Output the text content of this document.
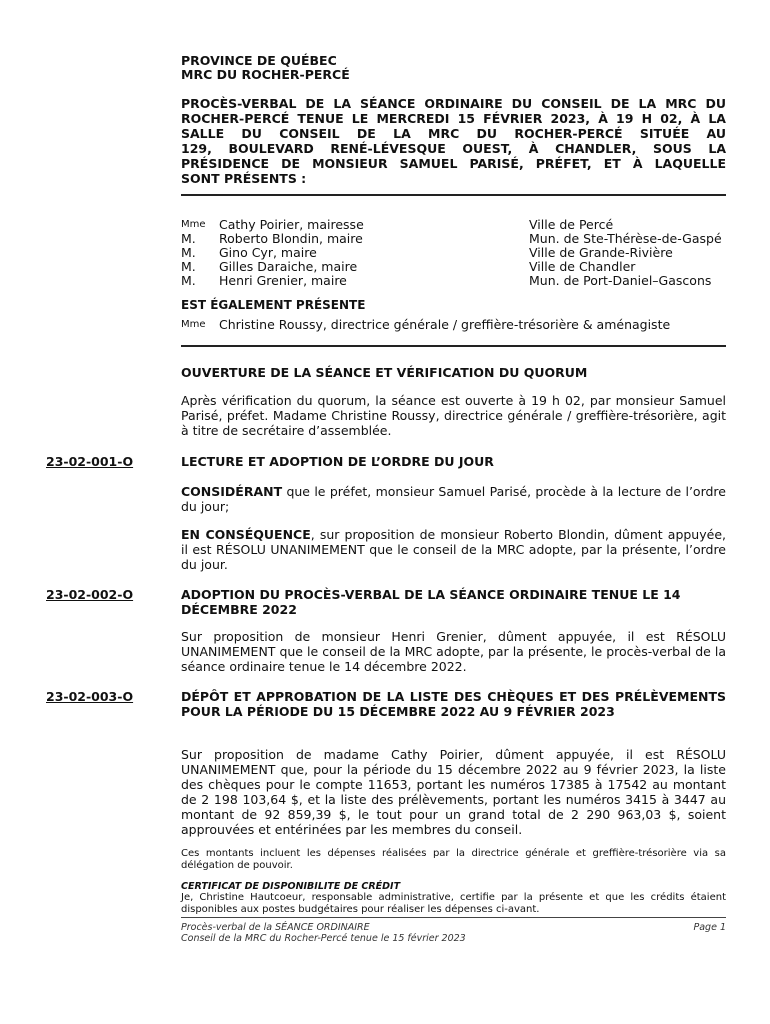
PROVINCE DE QUÉBEC
MRC DU ROCHER-PERCÉ
PROCÈS-VERBAL DE LA SÉANCE ORDINAIRE DU CONSEIL DE LA MRC DU
ROCHER-PERCÉ TENUE LE MERCREDI 15 FÉVRIER 2023, À 19 H 02, À LA
SALLE DU CONSEIL DE LA MRC DU ROCHER-PERCÉ SITUÉE AU
129, BOULEVARD RENÉ-LÉVESQUE OUEST, À CHANDLER, SOUS LA
PRÉSIDENCE DE MONSIEUR SAMUEL PARISÉ, PRÉFET, ET À LAQUELLE
SONT PRÉSENTS :
Mme	Cathy Poirier, mairesse	Ville de Percé
M.	Roberto Blondin, maire	Mun. de Ste-Thérèse-de-Gaspé
M.	Gino Cyr, maire	Ville de Grande-Rivière
M.	Gilles Daraiche, maire	Ville de Chandler
M.	Henri Grenier, maire	Mun. de Port-Daniel–Gascons
EST ÉGALEMENT PRÉSENTE
Mme	Christine Roussy, directrice générale / greffière-trésorière & aménagiste
OUVERTURE DE LA SÉANCE ET VÉRIFICATION DU QUORUM
Après vérification du quorum, la séance est ouverte à 19 h 02, par monsieur Samuel Parisé, préfet. Madame Christine Roussy, directrice générale / greffière-trésorière, agit à titre de secrétaire d’assemblée.
23-02-001-O	LECTURE ET ADOPTION DE L’ORDRE DU JOUR
CONSIDÉRANT que le préfet, monsieur Samuel Parisé, procède à la lecture de l’ordre du jour;
EN CONSÉQUENCE, sur proposition de monsieur Roberto Blondin, dûment appuyée, il est RÉSOLU UNANIMEMENT que le conseil de la MRC adopte, par la présente, l’ordre du jour.
23-02-002-O	ADOPTION DU PROCÈS-VERBAL DE LA SÉANCE ORDINAIRE TENUE LE 14 DÉCEMBRE 2022
Sur proposition de monsieur Henri Grenier, dûment appuyée, il est RÉSOLU UNANIMEMENT que le conseil de la MRC adopte, par la présente, le procès-verbal de la séance ordinaire tenue le 14 décembre 2022.
23-02-003-O	DÉPÔT ET APPROBATION DE LA LISTE DES CHÈQUES ET DES PRÉLÈVEMENTS POUR LA PÉRIODE DU 15 DÉCEMBRE 2022 AU 9 FÉVRIER 2023
Sur proposition de madame Cathy Poirier, dûment appuyée, il est RÉSOLU UNANIMEMENT que, pour la période du 15 décembre 2022 au 9 février 2023, la liste des chèques pour le compte 11653, portant les numéros 17385 à 17542 au montant de 2 198 103,64 $, et la liste des prélèvements, portant les numéros 3415 à 3447 au montant de 92 859,39 $, le tout pour un grand total de 2 290 963,03 $, soient approuvées et entérinées par les membres du conseil.
Ces montants incluent les dépenses réalisées par la directrice générale et greffière-trésorière via sa délégation de pouvoir.
CERTIFICAT DE DISPONIBILITE DE CRÉDIT
Je, Christine Hautcoeur, responsable administrative, certifie par la présente et que les crédits étaient disponibles aux postes budgétaires pour réaliser les dépenses ci-avant.
Procès-verbal de la SÉANCE ORDINAIRE
Conseil de la MRC du Rocher-Percé tenue le 15 février 2023
Page 1
